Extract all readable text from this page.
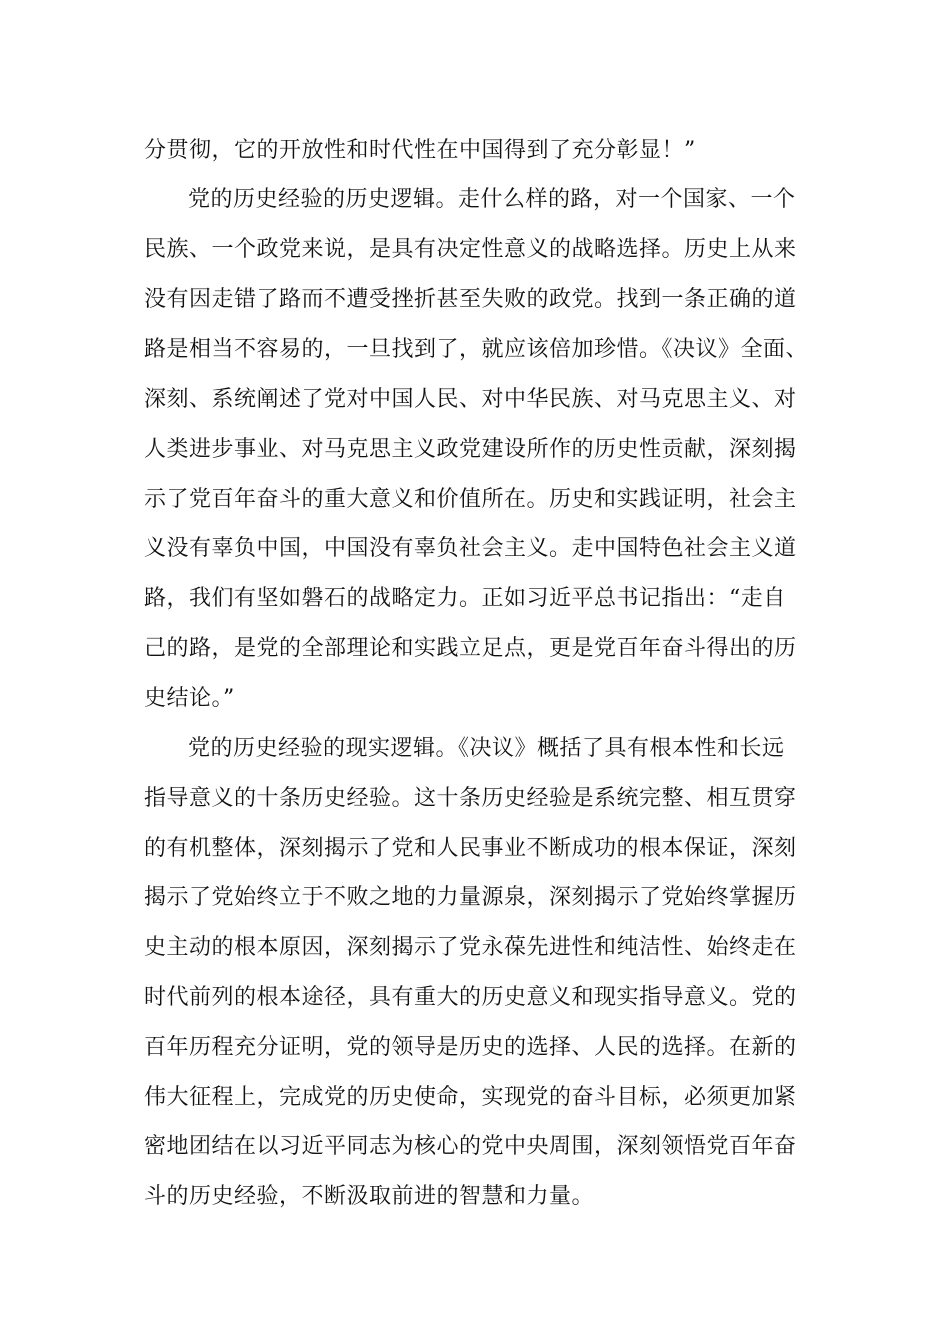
分贯彻，它的开放性和时代性在中国得到了充分彰显！”
党的历史经验的历史逻辑。走什么样的路，对一个国家、一个
民族、一个政党来说，是具有决定性意义的战略选择。历史上从来
没有因走错了路而不遭受挫折甚至失败的政党。找到一条正确的道
路是相当不容易的，一旦找到了，就应该倍加珍惜。《决议》全面、
深刻、系统阐述了党对中国人民、对中华民族、对马克思主义、对
人类进步事业、对马克思主义政党建设所作的历史性贡献，深刻揭
示了党百年奋斗的重大意义和价值所在。历史和实践证明，社会主
义没有辜负中国，中国没有辜负社会主义。走中国特色社会主义道
路，我们有坚如磐石的战略定力。正如习近平总书记指出：“走自
己的路，是党的全部理论和实践立足点，更是党百年奋斗得出的历
史结论。”
党的历史经验的现实逻辑。《决议》概括了具有根本性和长远
指导意义的十条历史经验。这十条历史经验是系统完整、相互贯穿
的有机整体，深刻揭示了党和人民事业不断成功的根本保证，深刻
揭示了党始终立于不败之地的力量源泉，深刻揭示了党始终掌握历
史主动的根本原因，深刻揭示了党永葆先进性和纯洁性、始终走在
时代前列的根本途径，具有重大的历史意义和现实指导意义。党的
百年历程充分证明，党的领导是历史的选择、人民的选择。在新的
伟大征程上，完成党的历史使命，实现党的奋斗目标，必须更加紧
密地团结在以习近平同志为核心的党中央周围，深刻领悟党百年奋
斗的历史经验，不断汲取前进的智慧和力量。
